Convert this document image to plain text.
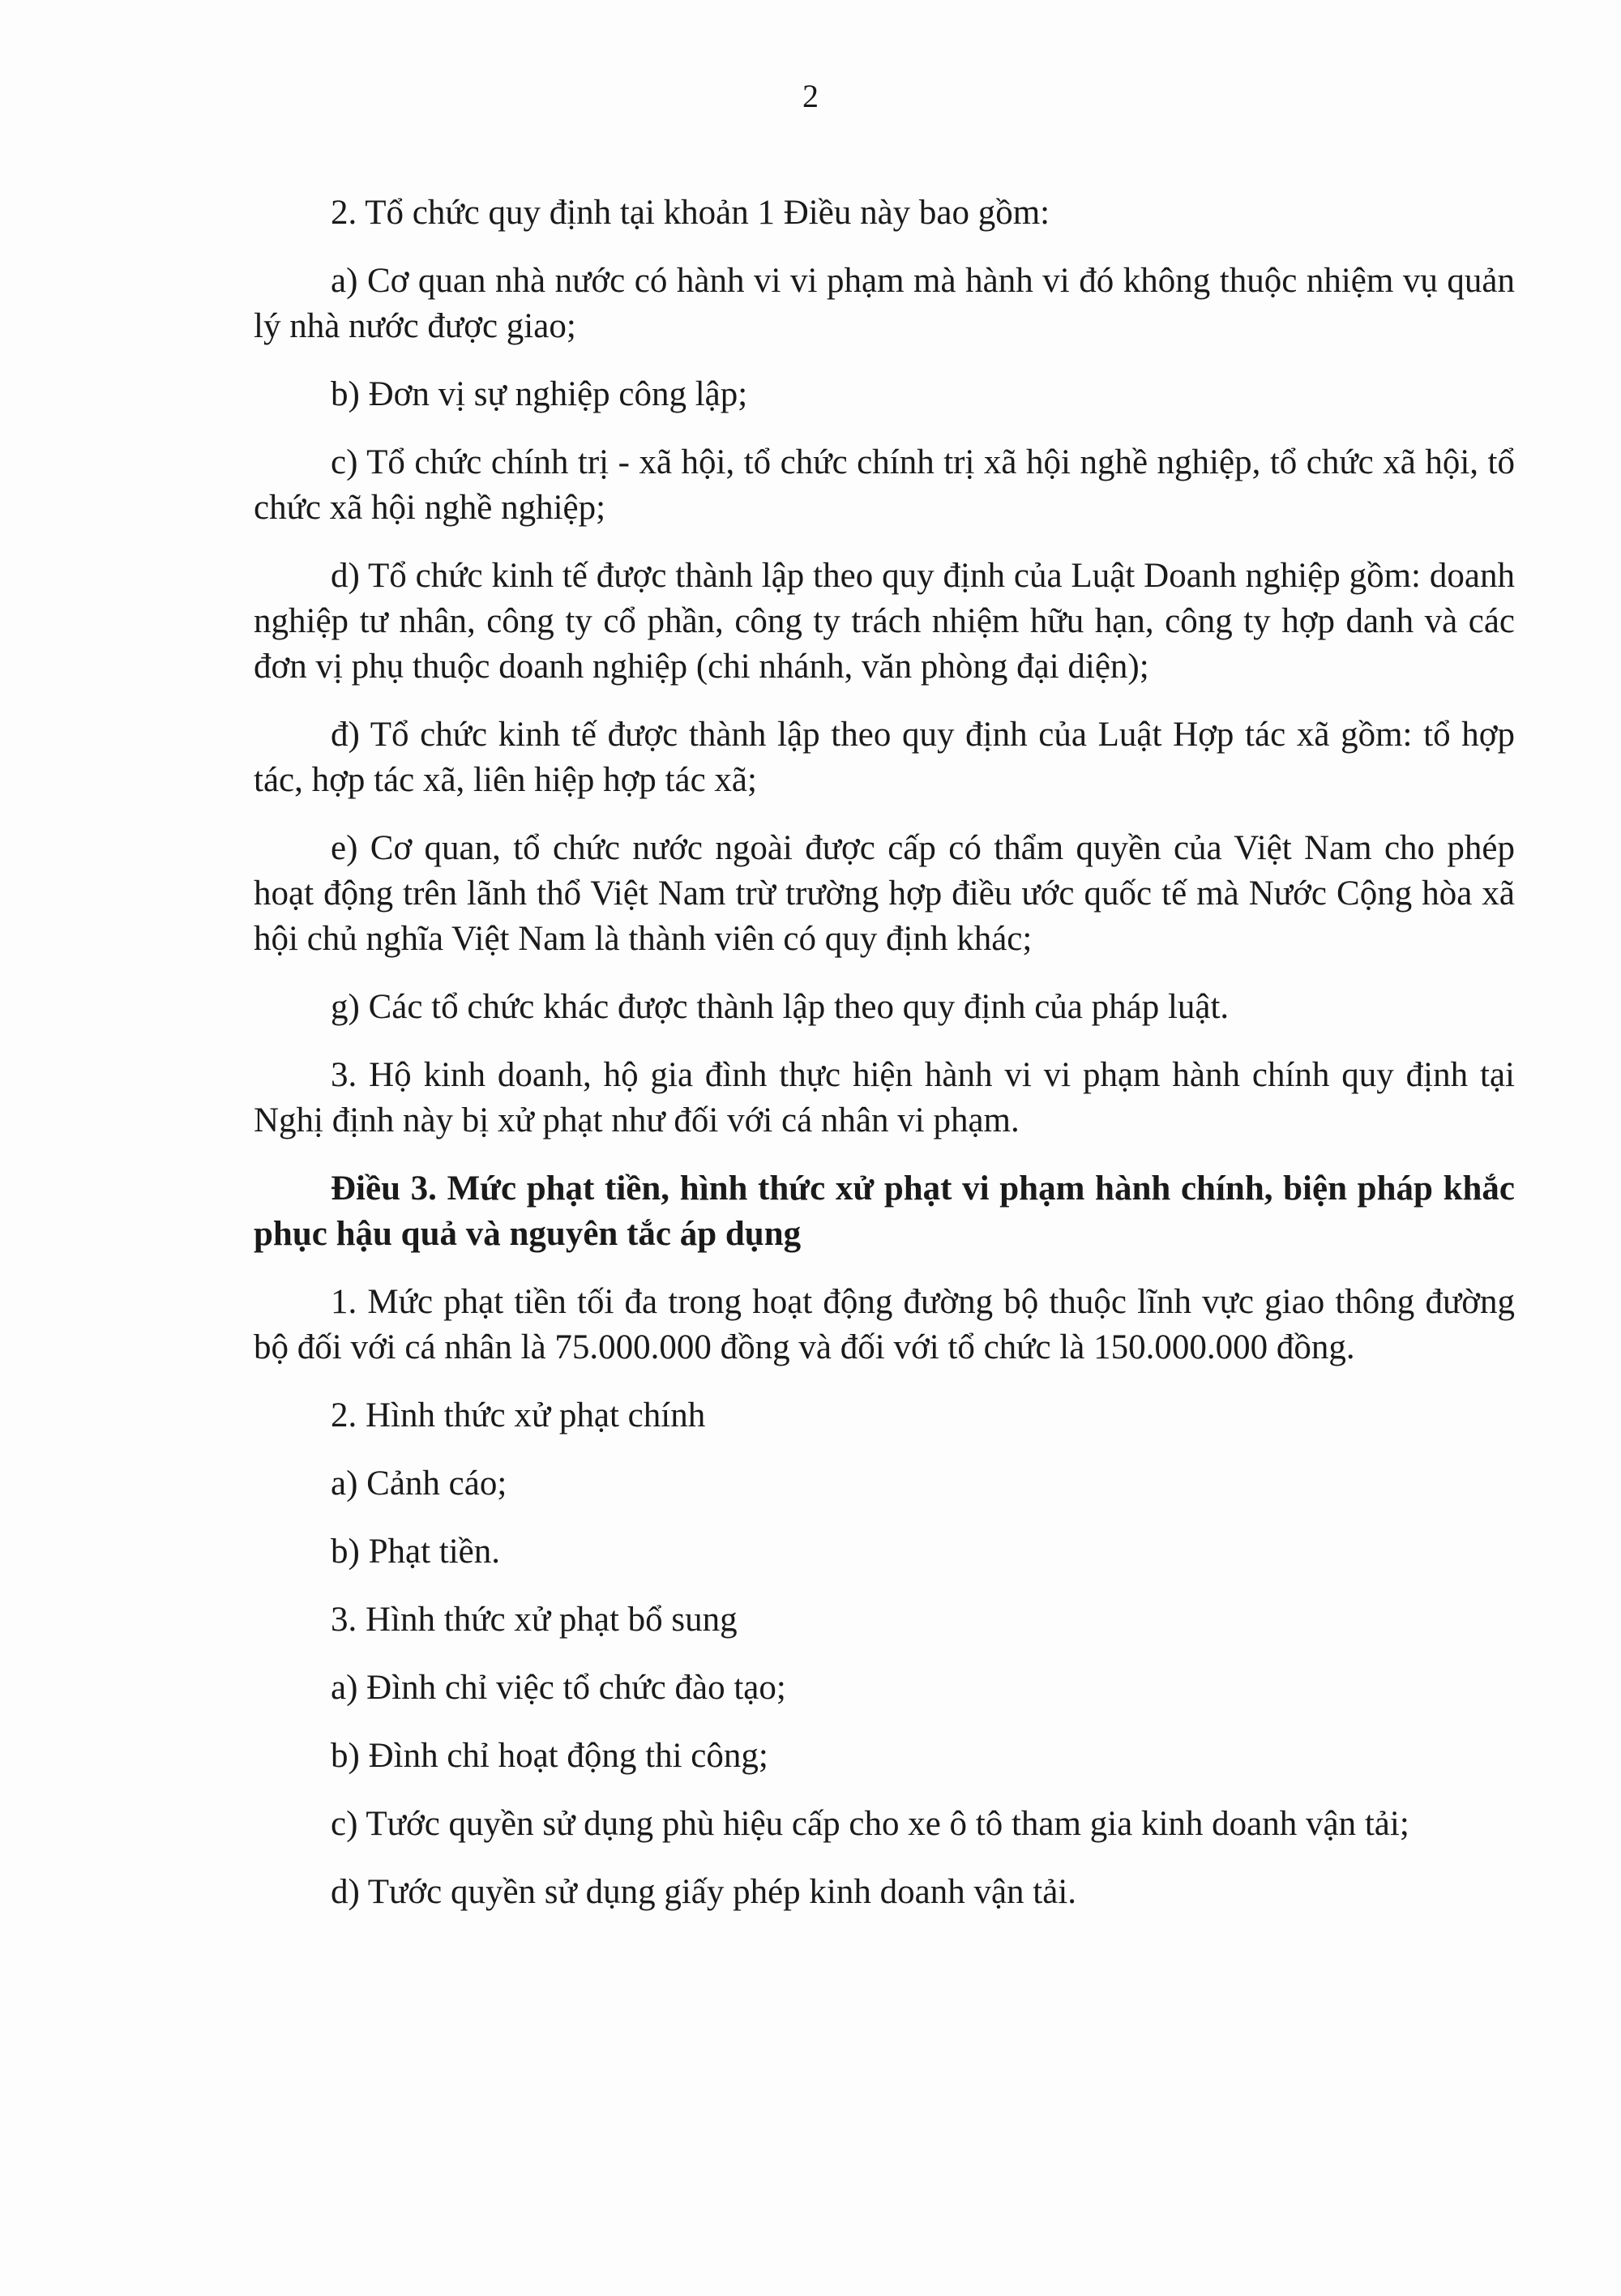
2

2. Tổ chức quy định tại khoản 1 Điều này bao gồm:

a) Cơ quan nhà nước có hành vi vi phạm mà hành vi đó không thuộc nhiệm vụ quản lý nhà nước được giao;

b) Đơn vị sự nghiệp công lập;

c) Tổ chức chính trị - xã hội, tổ chức chính trị xã hội nghề nghiệp, tổ chức xã hội, tổ chức xã hội nghề nghiệp;

d) Tổ chức kinh tế được thành lập theo quy định của Luật Doanh nghiệp gồm: doanh nghiệp tư nhân, công ty cổ phần, công ty trách nhiệm hữu hạn, công ty hợp danh và các đơn vị phụ thuộc doanh nghiệp (chi nhánh, văn phòng đại diện);

đ) Tổ chức kinh tế được thành lập theo quy định của Luật Hợp tác xã gồm: tổ hợp tác, hợp tác xã, liên hiệp hợp tác xã;

e) Cơ quan, tổ chức nước ngoài được cấp có thẩm quyền của Việt Nam cho phép hoạt động trên lãnh thổ Việt Nam trừ trường hợp điều ước quốc tế mà Nước Cộng hòa xã hội chủ nghĩa Việt Nam là thành viên có quy định khác;

g) Các tổ chức khác được thành lập theo quy định của pháp luật.

3. Hộ kinh doanh, hộ gia đình thực hiện hành vi vi phạm hành chính quy định tại Nghị định này bị xử phạt như đối với cá nhân vi phạm.

Điều 3. Mức phạt tiền, hình thức xử phạt vi phạm hành chính, biện pháp khắc phục hậu quả và nguyên tắc áp dụng

1. Mức phạt tiền tối đa trong hoạt động đường bộ thuộc lĩnh vực giao thông đường bộ đối với cá nhân là 75.000.000 đồng và đối với tổ chức là 150.000.000 đồng.

2. Hình thức xử phạt chính

a) Cảnh cáo;

b) Phạt tiền.

3. Hình thức xử phạt bổ sung

a) Đình chỉ việc tổ chức đào tạo;

b) Đình chỉ hoạt động thi công;

c) Tước quyền sử dụng phù hiệu cấp cho xe ô tô tham gia kinh doanh vận tải;

d) Tước quyền sử dụng giấy phép kinh doanh vận tải.
